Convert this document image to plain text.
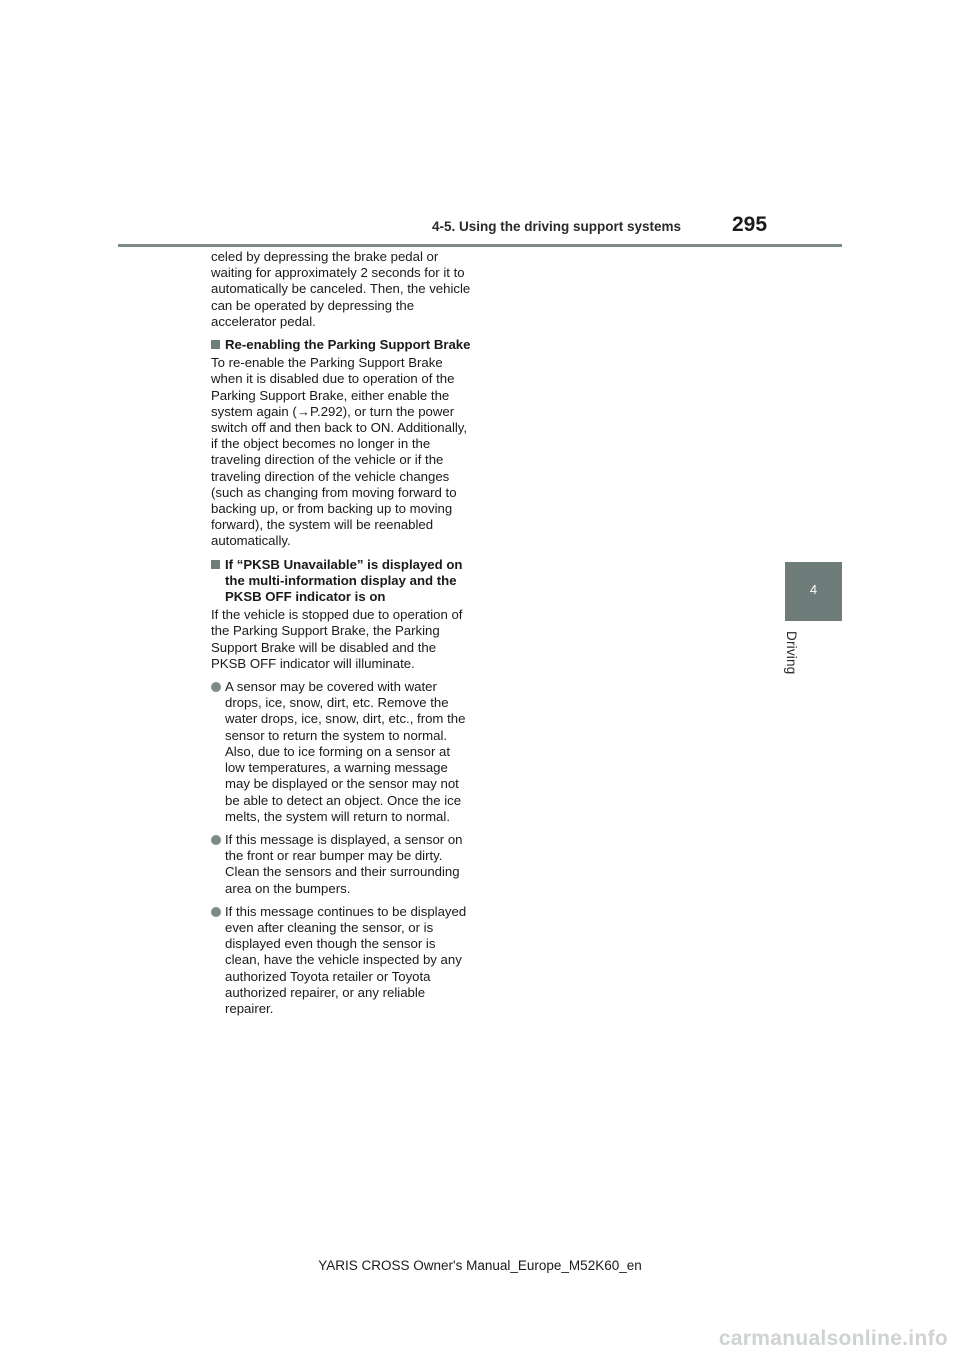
4-5. Using the driving support systems 295
4
Driving

celed by depressing the brake pedal or waiting for approximately 2 seconds for it to automatically be canceled. Then, the vehicle can be operated by depressing the accelerator pedal.

Re-enabling the Parking Support Brake

To re-enable the Parking Support Brake when it is disabled due to operation of the Parking Support Brake, either enable the system again (→P.292), or turn the power switch off and then back to ON. Additionally, if the object becomes no longer in the traveling direction of the vehicle or if the traveling direction of the vehicle changes (such as changing from moving forward to backing up, or from backing up to moving forward), the system will be reenabled automatically.

If “PKSB Unavailable” is displayed on the multi-information display and the PKSB OFF indicator is on

If the vehicle is stopped due to operation of the Parking Support Brake, the Parking Support Brake will be disabled and the PKSB OFF indicator will illuminate.

A sensor may be covered with water drops, ice, snow, dirt, etc. Remove the water drops, ice, snow, dirt, etc., from the sensor to return the system to normal.
Also, due to ice forming on a sensor at low temperatures, a warning message may be displayed or the sensor may not be able to detect an object. Once the ice melts, the system will return to normal.
If this message is displayed, a sensor on the front or rear bumper may be dirty. Clean the sensors and their surrounding area on the bumpers.
If this message continues to be displayed even after cleaning the sensor, or is displayed even though the sensor is clean, have the vehicle inspected by any authorized Toyota retailer or Toyota authorized repairer, or any reliable repairer.
YARIS CROSS Owner's Manual_Europe_M52K60_en
carmanualsonline.info
